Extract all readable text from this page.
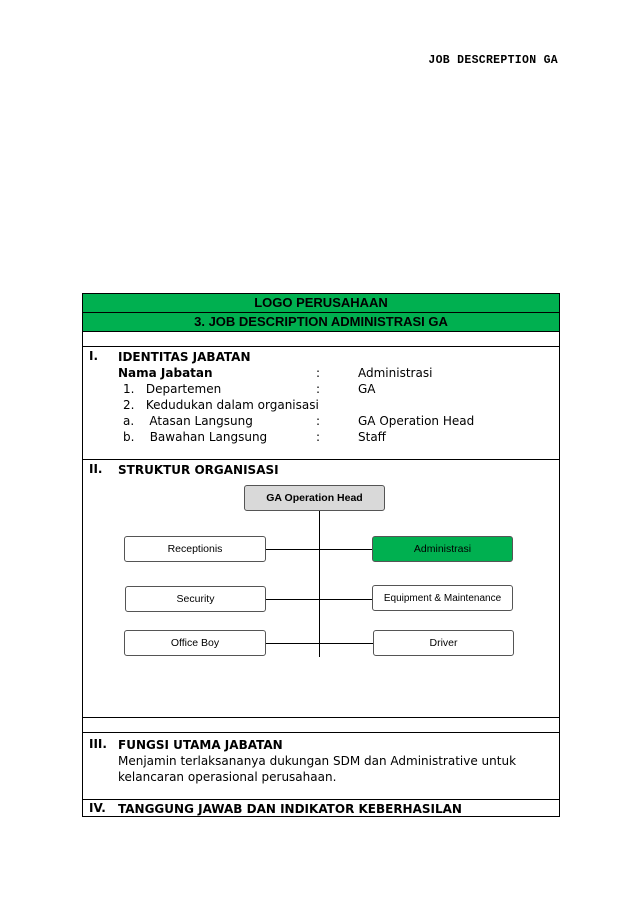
JOB DESCREPTION GA
LOGO PERUSAHAAN
3. JOB DESCRIPTION ADMINISTRASI GA
I. IDENTITAS JABATAN
Nama Jabatan	:	Administrasi
1.   Departemen	:	GA
2.   Kedudukan dalam organisasi
a.    Atasan Langsung	:	GA Operation Head
b.    Bawahan Langsung	:	Staff
II. STRUKTUR ORGANISASI
GA Operation Head
Receptionis
Security
Office Boy
Administrasi
Equipment & Maintenance
Driver
III. FUNGSI UTAMA JABATAN
Menjamin terlaksananya dukungan SDM dan Administrative untuk kelancaran operasional perusahaan.
IV. TANGGUNG JAWAB DAN INDIKATOR KEBERHASILAN
